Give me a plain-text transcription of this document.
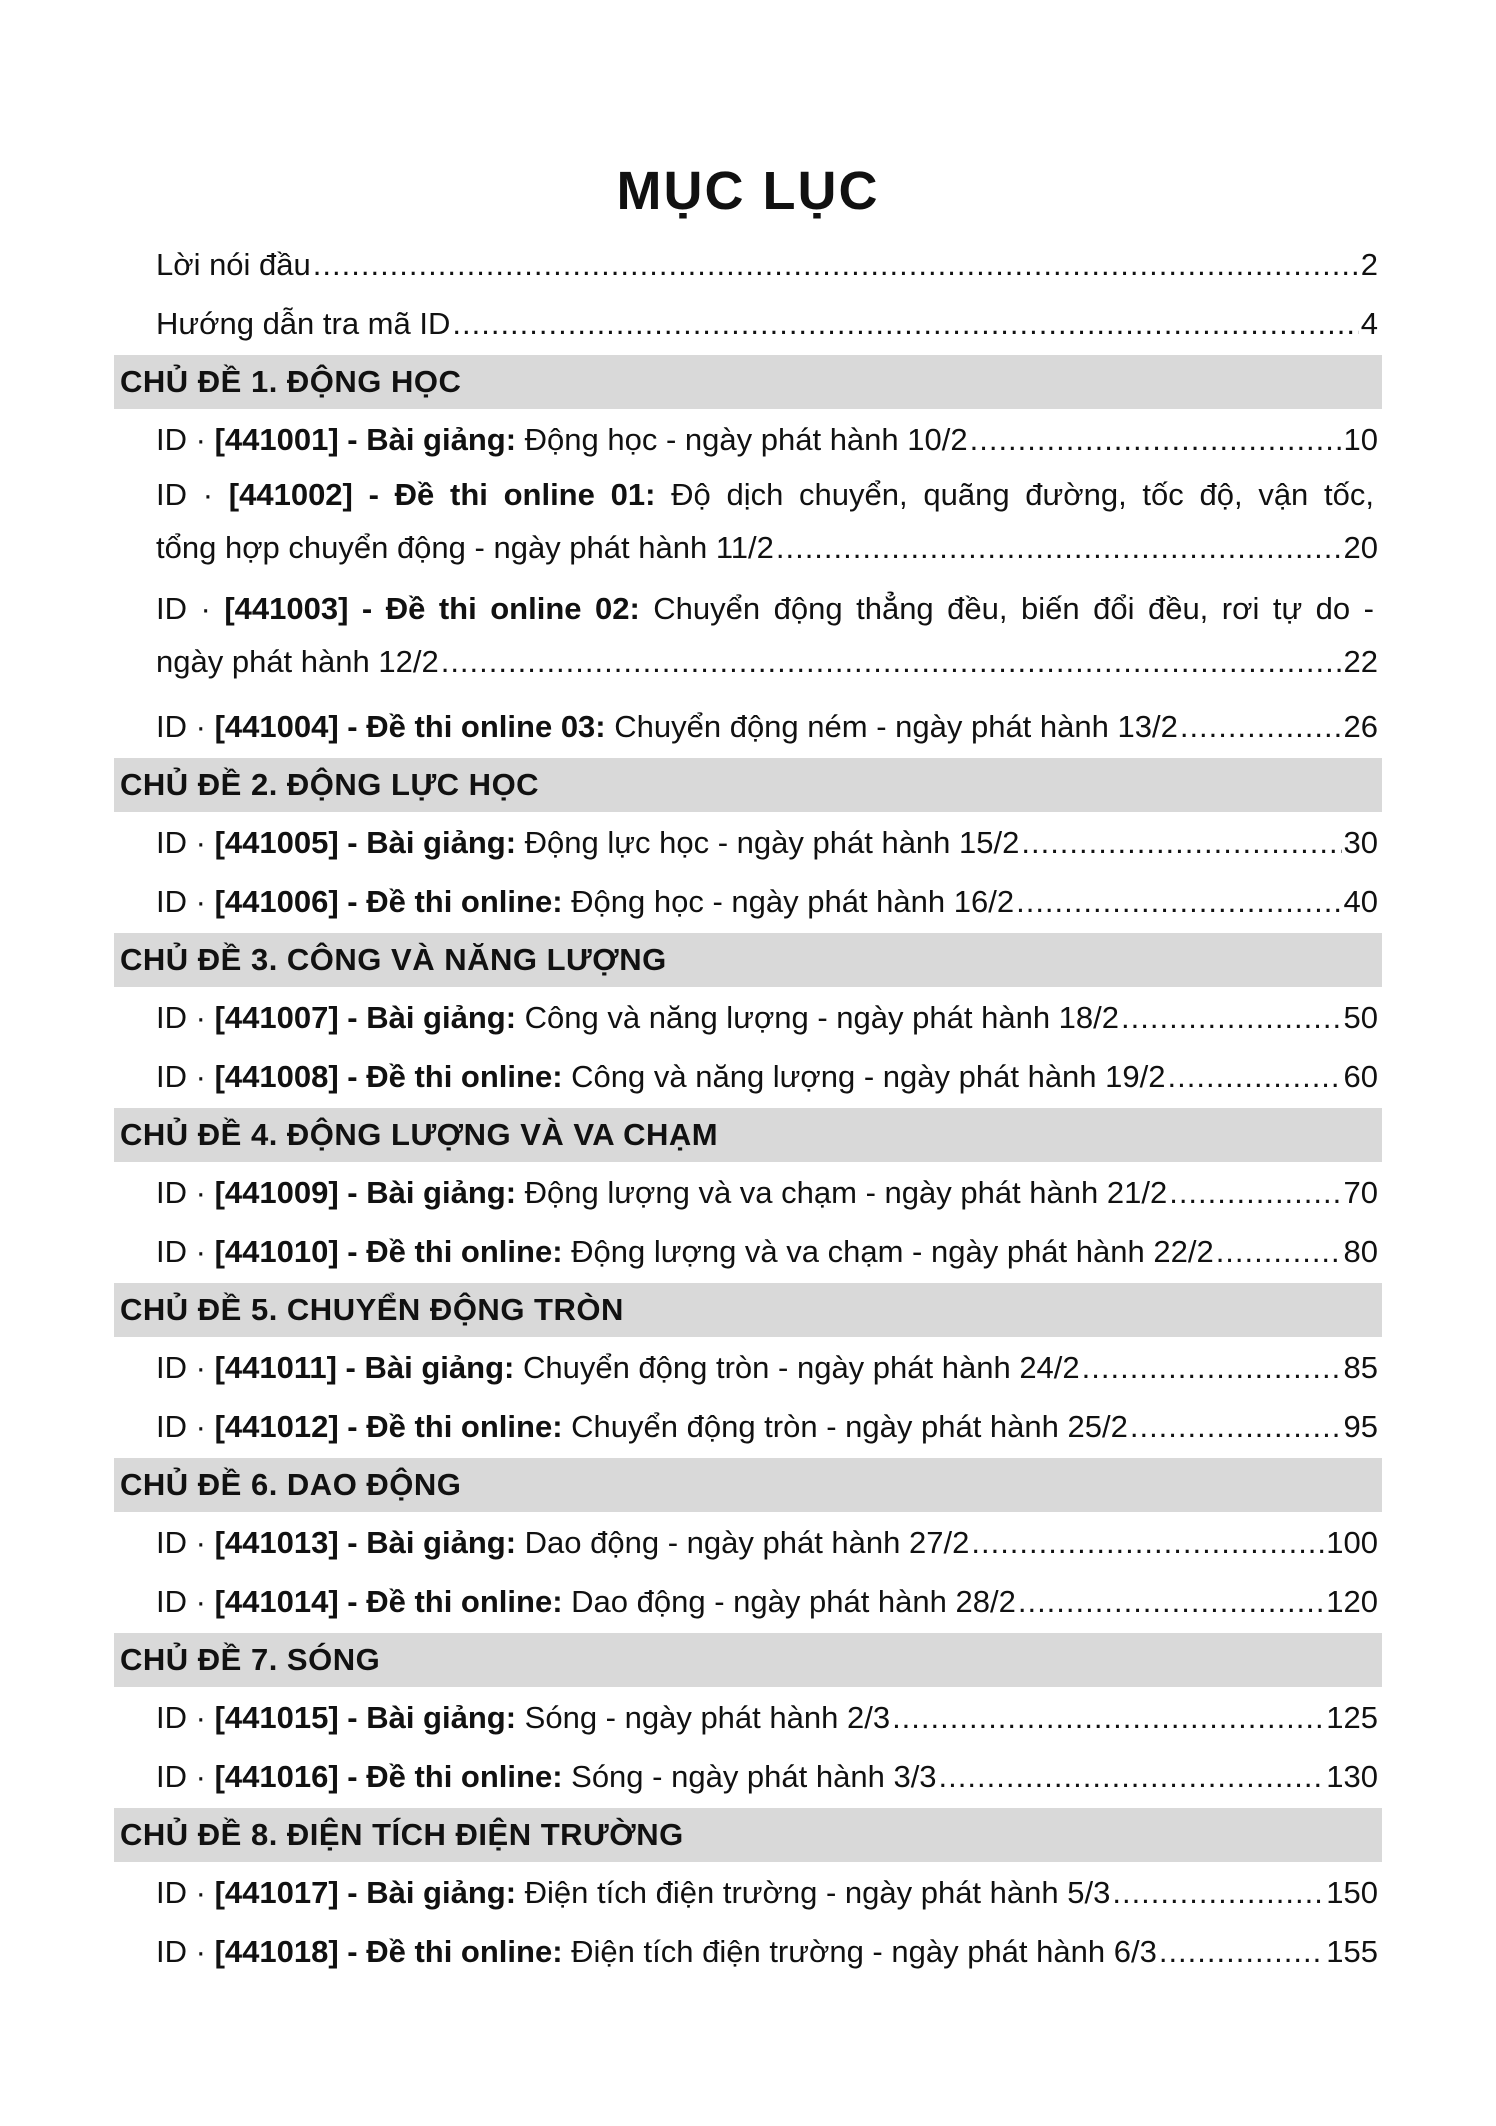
MỤC LỤC
Lời nói đầu .....	2
Hướng dẫn tra mã ID .....	4
CHỦ ĐỀ 1. ĐỘNG HỌC
ID · [441001] - Bài giảng: Động học - ngày phát hành 10/2 .....	10
ID · [441002] - Đề thi online 01: Độ dịch chuyển, quãng đường, tốc độ, vận tốc,
tổng hợp chuyển động - ngày phát hành 11/2 .....	20
ID · [441003] - Đề thi online 02: Chuyển động thẳng đều, biến đổi đều, rơi tự do -
ngày phát hành 12/2 .....	22
ID · [441004] - Đề thi online 03: Chuyển động ném - ngày phát hành 13/2 .....	26
CHỦ ĐỀ 2. ĐỘNG LỰC HỌC
ID · [441005] - Bài giảng: Động lực học - ngày phát hành 15/2 .....	30
ID · [441006] - Đề thi online: Động học - ngày phát hành 16/2 .....	40
CHỦ ĐỀ 3. CÔNG VÀ NĂNG LƯỢNG
ID · [441007] - Bài giảng: Công và năng lượng - ngày phát hành 18/2 .....	50
ID · [441008] - Đề thi online: Công và năng lượng - ngày phát hành 19/2 .....	60
CHỦ ĐỀ 4. ĐỘNG LƯỢNG VÀ VA CHẠM
ID · [441009] - Bài giảng: Động lượng và va chạm - ngày phát hành 21/2 .....	70
ID · [441010] - Đề thi online: Động lượng và va chạm - ngày phát hành 22/2 .....	80
CHỦ ĐỀ 5. CHUYỂN ĐỘNG TRÒN
ID · [441011] - Bài giảng: Chuyển động tròn - ngày phát hành 24/2 .....	85
ID · [441012] - Đề thi online: Chuyển động tròn - ngày phát hành 25/2 .....	95
CHỦ ĐỀ 6. DAO ĐỘNG
ID · [441013] - Bài giảng: Dao động - ngày phát hành 27/2 .....	100
ID · [441014] - Đề thi online: Dao động - ngày phát hành 28/2 .....	120
CHỦ ĐỀ 7. SÓNG
ID · [441015] - Bài giảng: Sóng - ngày phát hành 2/3 .....	125
ID · [441016] - Đề thi online: Sóng - ngày phát hành 3/3 .....	130
CHỦ ĐỀ 8. ĐIỆN TÍCH ĐIỆN TRƯỜNG
ID · [441017] - Bài giảng: Điện tích điện trường - ngày phát hành 5/3 .....	150
ID · [441018] - Đề thi online: Điện tích điện trường - ngày phát hành 6/3 .....	155
